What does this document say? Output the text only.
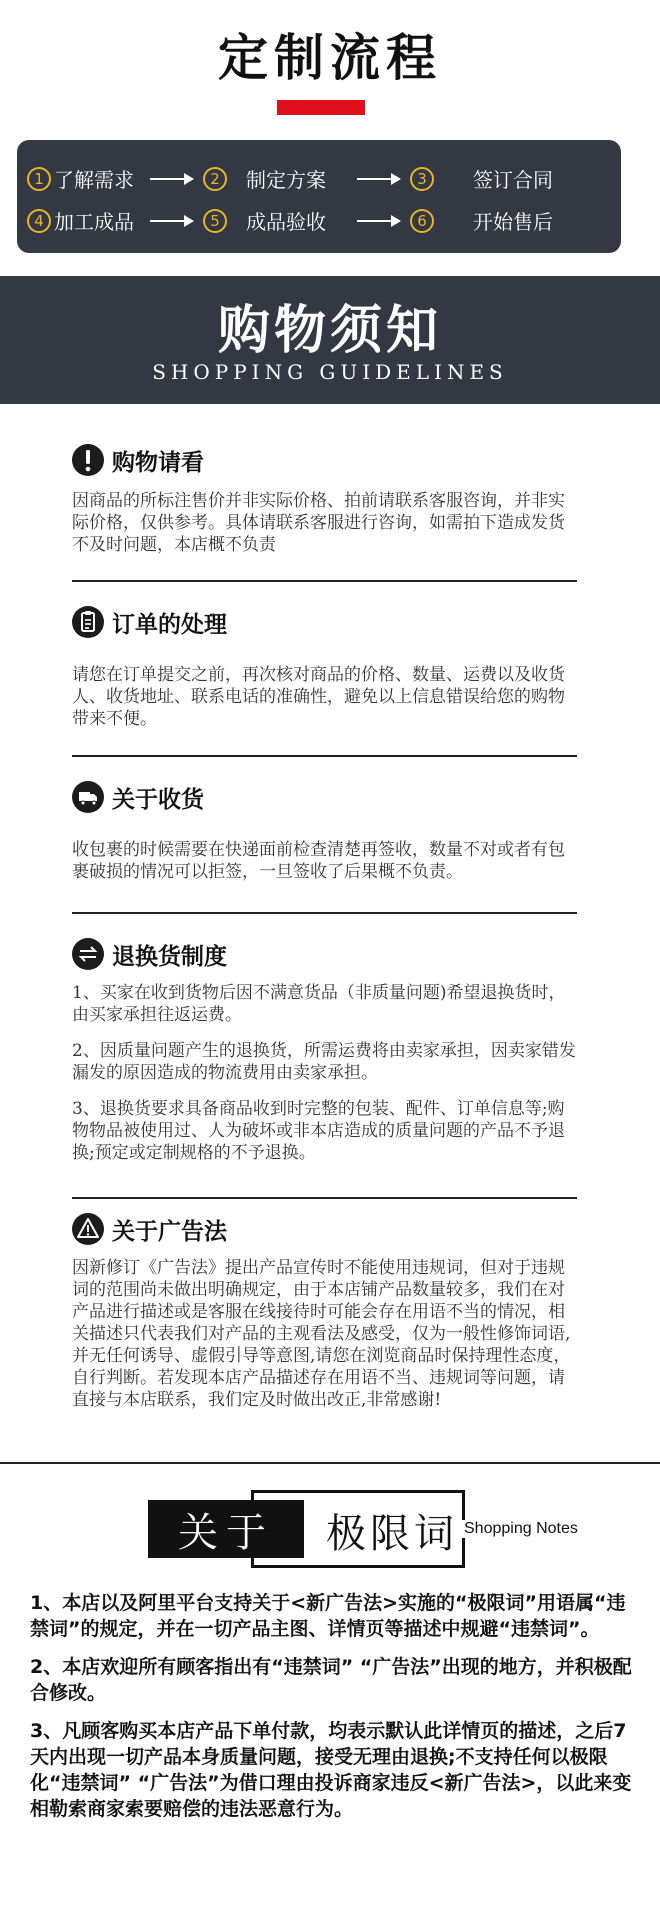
定制流程
1 了解需求	2	制定方案	3	签订合同
4 加工成品	5	成品验收	6	开始售后
购物须知
SHOPPING GUIDELINES
购物请看

因商品的所标注售价并非实际价格、拍前请联系客服咨询，并非实际价格，仅供参考。具体请联系客服进行咨询，如需拍下造成发货不及时问题，本店概不负责

订单的处理

请您在订单提交之前，再次核对商品的价格、数量、运费以及收货人、收货地址、联系电话的准确性，避免以上信息错误给您的购物带来不便。

关于收货

收包裹的时候需要在快递面前检查清楚再签收，数量不对或者有包裹破损的情况可以拒签，一旦签收了后果概不负责。

退换货制度

1、买家在收到货物后因不满意货品（非质量问题)希望退换货时，由买家承担往返运费。

2、因质量问题产生的退换货，所需运费将由卖家承担，因卖家错发漏发的原因造成的物流费用由卖家承担。

3、退换货要求具备商品收到时完整的包装、配件、订单信息等;购物物品被使用过、人为破坏或非本店造成的质量问题的产品不予退换;预定或定制规格的不予退换。

关于广告法

因新修订《广告法》提出产品宣传时不能使用违规词，但对于违规词的范围尚未做出明确规定，由于本店铺产品数量较多，我们在对产品进行描述或是客服在线接待时可能会存在用语不当的情况，相关描述只代表我们对产品的主观看法及感受，仅为一般性修饰词语,并无任何诱导、虚假引导等意图,请您在浏览商品时保持理性态度，自行判断。若发现本店产品描述存在用语不当、违规词等问题，请直接与本店联系，我们定及时做出改正,非常感谢!

关于	极限词 Shopping Notes

1、本店以及阿里平台支持关于<新广告法>实施的“极限词”用语属“违禁词”的规定，并在一切产品主图、详情页等描述中规避“违禁词”。

2、本店欢迎所有顾客指出有“违禁词” “广告法”出现的地方，并积极配合修改。

3、凡顾客购买本店产品下单付款，均表示默认此详情页的描述，之后7天内出现一切产品本身质量问题，接受无理由退换;不支持任何以极限化“违禁词” “广告法”为借口理由投诉商家违反<新广告法>，以此来变相勒索商家索要赔偿的违法恶意行为。
